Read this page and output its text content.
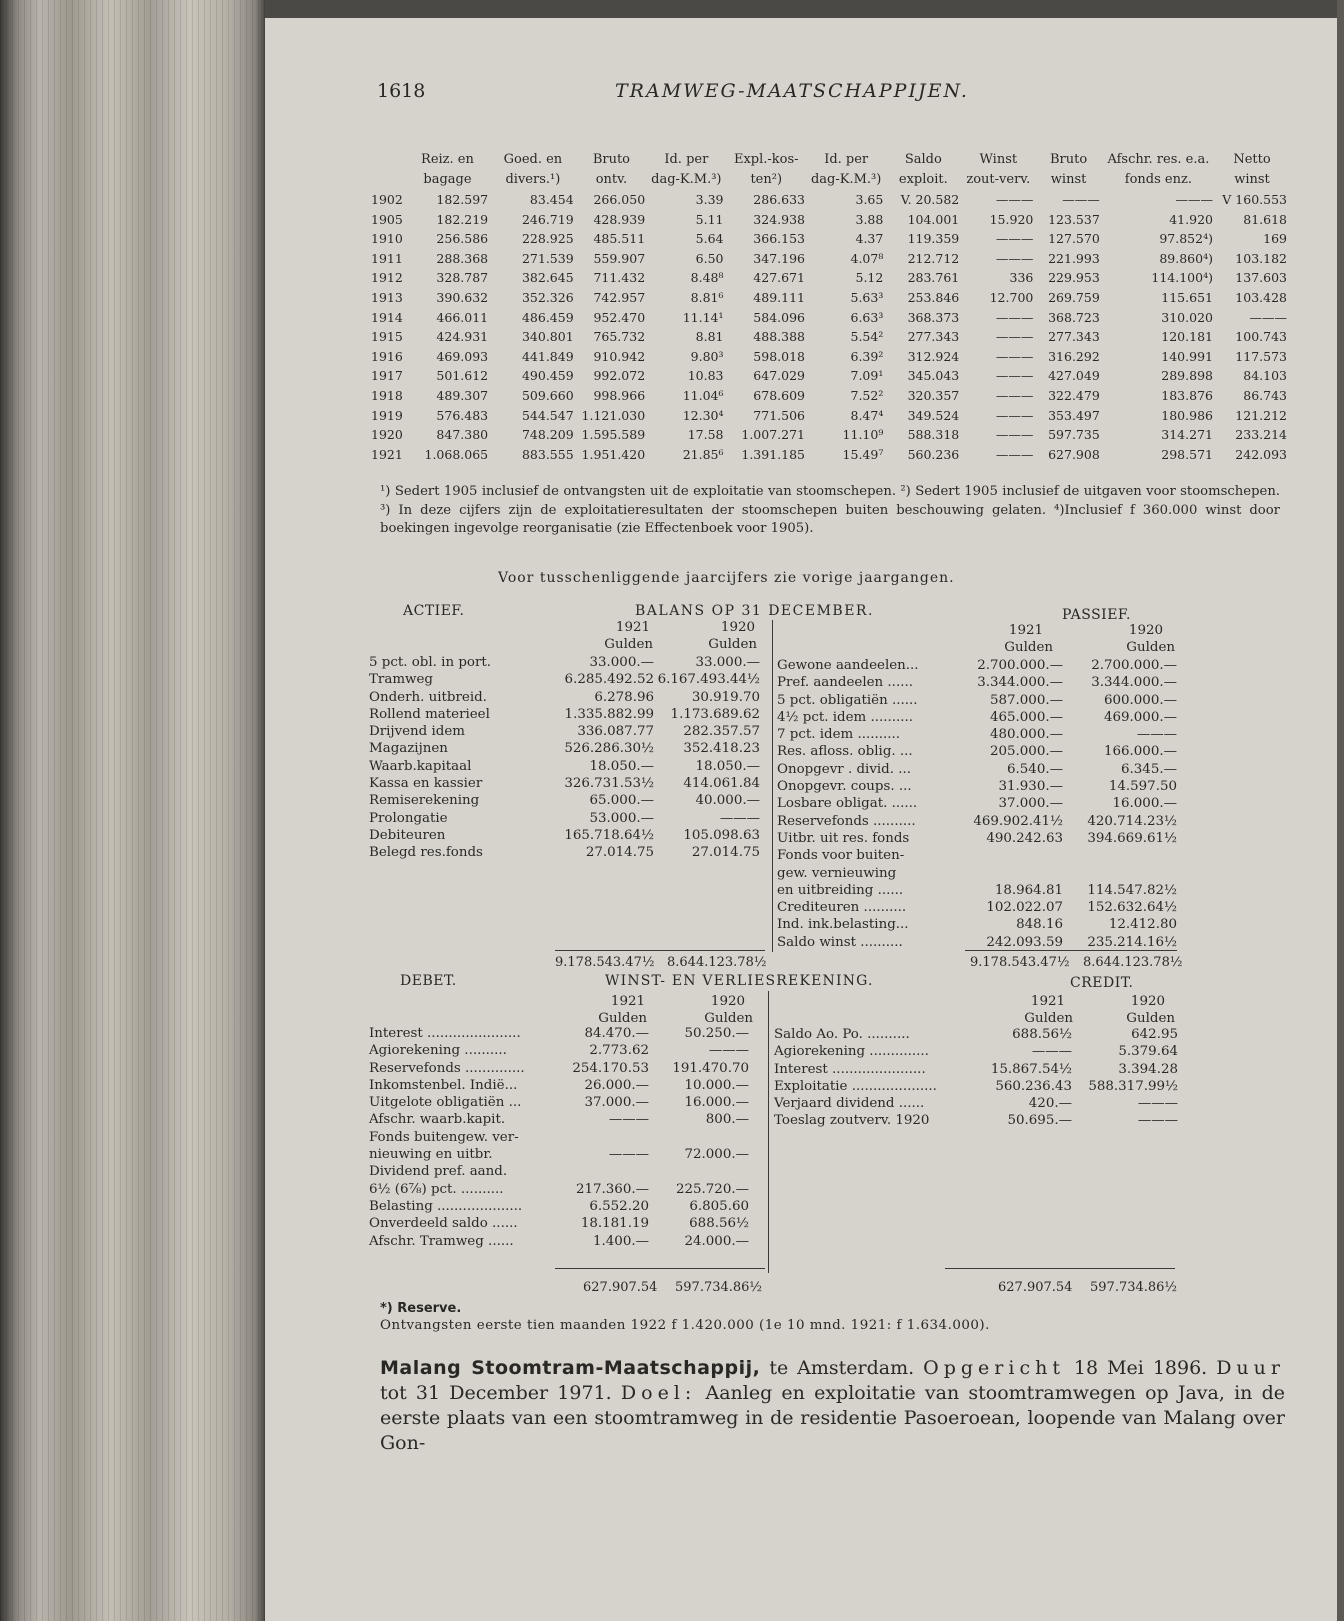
1618	TRAMWEG-MAATSCHAPPIJEN.
	Reiz. en bagage	Goed. en divers.¹)	Bruto ontv.	Id. per dag-K.M.³)	Expl.-kos-ten²)	Id. per dag-K.M.³)	Saldo exploit.	Winst zout-verv.	Bruto winst	Afschr. res. e.a. fonds enz.	Netto winst
1902	182.597	83.454	266.050	3.39	286.633	3.65	V. 20.582	———	———	———	V 160.553
1905	182.219	246.719	428.939	5.11	324.938	3.88	104.001	15.920	123.537	41.920	81.618
1910	256.586	228.925	485.511	5.64	366.153	4.37	119.359	———	127.570	97.852⁴)	169
1911	288.368	271.539	559.907	6.50	347.196	4.07⁸	212.712	———	221.993	89.860⁴)	103.182
1912	328.787	382.645	711.432	8.48⁸	427.671	5.12	283.761	336	229.953	114.100⁴)	137.603
1913	390.632	352.326	742.957	8.81⁶	489.111	5.63³	253.846	12.700	269.759	115.651	103.428
1914	466.011	486.459	952.470	11.14¹	584.096	6.63³	368.373	———	368.723	310.020	———
1915	424.931	340.801	765.732	8.81	488.388	5.54²	277.343	———	277.343	120.181	100.743
1916	469.093	441.849	910.942	9.80³	598.018	6.39²	312.924	———	316.292	140.991	117.573
1917	501.612	490.459	992.072	10.83	647.029	7.09¹	345.043	———	427.049	289.898	84.103
1918	489.307	509.660	998.966	11.04⁶	678.609	7.52²	320.357	———	322.479	183.876	86.743
1919	576.483	544.547	1.121.030	12.30⁴	771.506	8.47⁴	349.524	———	353.497	180.986	121.212
1920	847.380	748.209	1.595.589	17.58	1.007.271	11.10⁹	588.318	———	597.735	314.271	233.214
1921	1.068.065	883.555	1.951.420	21.85⁶	1.391.185	15.49⁷	560.236	———	627.908	298.571	242.093
¹) Sedert 1905 inclusief de ontvangsten uit de exploitatie van stoomschepen. ²) Sedert 1905 inclusief de uitgaven voor stoomschepen. ³) In deze cijfers zijn de exploitatieresultaten der stoomschepen buiten beschouwing gelaten. ⁴)Inclusief f 360.000 winst door boekingen ingevolge reorganisatie (zie Effectenboek voor 1905).
Voor tusschenliggende jaarcijfers zie vorige jaargangen.
ACTIEF.	BALANS OP 31 DECEMBER.	PASSIEF.
1921	1920
Gulden	Gulden
1921	1920
Gulden	Gulden
5 pct. obl. in port.	33.000.—	33.000.—
Tramweg	6.285.492.52 6.167.493.44½
Onderh. uitbreid.	6.278.96	30.919.70
Rollend materieel	1.335.882.99 1.173.689.62
Drijvend idem	336.087.77 282.357.57
Magazijnen	526.286.30½ 352.418.23
Waarb.kapitaal	18.050.—	18.050.—
Kassa en kassier	326.731.53½ 414.061.84
Remiserekening	65.000.—	40.000.—
Prolongatie	53.000.—	———
Debiteuren	165.718.64½ 105.098.63
Belegd res.fonds	27.014.75	27.014.75
Gewone aandeelen...	2.700.000.— 2.700.000.—
Pref. aandeelen ......	3.344.000.— 3.344.000.—
5 pct. obligatiën ......	587.000.—	600.000.—
4½ pct. idem ..........	465.000.—	469.000.—
7 pct. idem ..........	480.000.—	———
Res. afloss. oblig. ...	205.000.—	166.000.—
Onopgevr . divid. ...	6.540.—	6.345.—
Onopgevr. coups. ...	31.930.—	14.597.50
Losbare obligat. ......	37.000.—	16.000.—
Reservefonds ..........	469.902.41½ 420.714.23½
Uitbr. uit res. fonds	490.242.63 394.669.61½
Fonds voor buiten-
gew. vernieuwing
en uitbreiding ......	18.964.81 114.547.82½
Crediteuren ..........	102.022.07 152.632.64½
Ind. ink.belasting...	848.16	12.412.80
Saldo winst ..........	242.093.59 235.214.16½
9.178.543.47½ 8.644.123.78½	9.178.543.47½ 8.644.123.78½
DEBET.	WINST- EN VERLIESREKENING.	CREDIT.
1921	1920
Gulden	Gulden
1921	1920
Gulden	Gulden
Interest ......................	84.470.—	50.250.—
Agiorekening ..........	2.773.62	———
Reservefonds ..............	254.170.53 191.470.70
Inkomstenbel. Indië...	26.000.—	10.000.—
Uitgelote obligatiën ...	37.000.—	16.000.—
Afschr. waarb.kapit.	———	800.—
Fonds buitengew. ver-
nieuwing en uitbr.	———	72.000.—
Dividend pref. aand.
6½ (6⅞) pct. ..........	217.360.— 225.720.—
Belasting ....................	6.552.20	6.805.60
Onverdeeld saldo ......	18.181.19	688.56½
Afschr. Tramweg ......	1.400.—	24.000.—
Saldo Ao. Po. ..........	688.56½	642.95
Agiorekening ..............	———	5.379.64
Interest ......................	15.867.54½	3.394.28
Exploitatie ....................	560.236.43 588.317.99½
Verjaard dividend ......	420.—	———
Toeslag zoutverv. 1920	50.695.—	———
627.907.54 597.734.86½	627.907.54 597.734.86½
*) Reserve.
Ontvangsten eerste tien maanden 1922 f 1.420.000 (1e 10 mnd. 1921: f 1.634.000).
Malang Stoomtram-Maatschappij, te Amsterdam. Opgericht 18 Mei 1896. Duur tot 31 December 1971. Doel: Aanleg en exploitatie van stoomtramwegen op Java, in de eerste plaats van een stoomtramweg in de residentie Pasoeroean, loopende van Malang over Gon-
